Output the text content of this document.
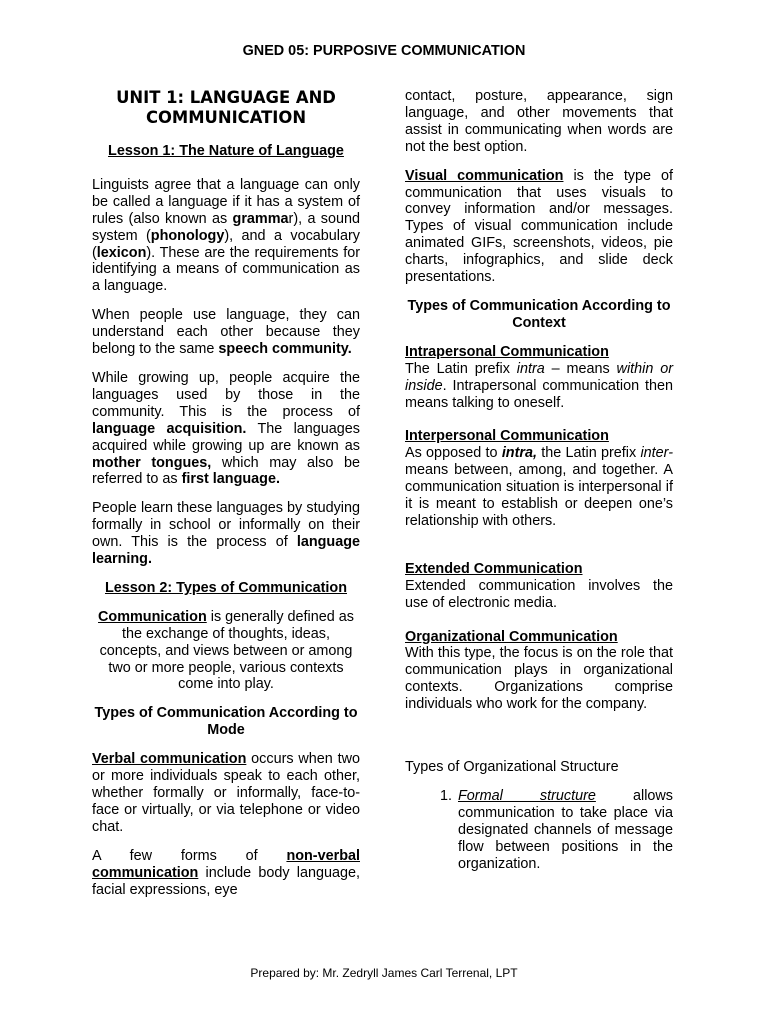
GNED 05: PURPOSIVE COMMUNICATION
UNIT 1: LANGUAGE AND
COMMUNICATION

Lesson 1: The Nature of Language

Linguists agree that a language can only be called a language if it has a system of rules (also known as grammar), a sound system (phonology), and a vocabulary (lexicon). These are the requirements for identifying a means of communication as a language.

When people use language, they can understand each other because they belong to the same speech community.

While growing up, people acquire the languages used by those in the community. This is the process of language acquisition. The languages acquired while growing up are known as mother tongues, which may also be referred to as first language.

People learn these languages by studying formally in school or informally on their own. This is the process of language learning.

Lesson 2: Types of Communication

Communication is generally defined as the exchange of thoughts, ideas, concepts, and views between or among two or more people, various contexts come into play.

Types of Communication According to Mode

Verbal communication occurs when two or more individuals speak to each other, whether formally or informally, face-to-face or virtually, or via telephone or video chat.

A few forms of non-verbal communication include body language, facial expressions, eye

contact, posture, appearance, sign language, and other movements that assist in communicating when words are not the best option.

Visual communication is the type of communication that uses visuals to convey information and/or messages. Types of visual communication include animated GIFs, screenshots, videos, pie charts, infographics, and slide deck presentations.

Types of Communication According to Context

Intrapersonal Communication

The Latin prefix intra – means within or inside. Intrapersonal communication then means talking to oneself.

Interpersonal Communication

As opposed to intra, the Latin prefix inter- means between, among, and together. A communication situation is interpersonal if it is meant to establish or deepen one’s relationship with others.

Extended Communication

Extended communication involves the use of electronic media.

Organizational Communication

With this type, the focus is on the role that communication plays in organizational contexts. Organizations comprise individuals who work for the company.

Types of Organizational Structure

1. Formal structure allows communication to take place via designated channels of message flow between positions in the organization.

Prepared by: Mr. Zedryll James Carl Terrenal, LPT
